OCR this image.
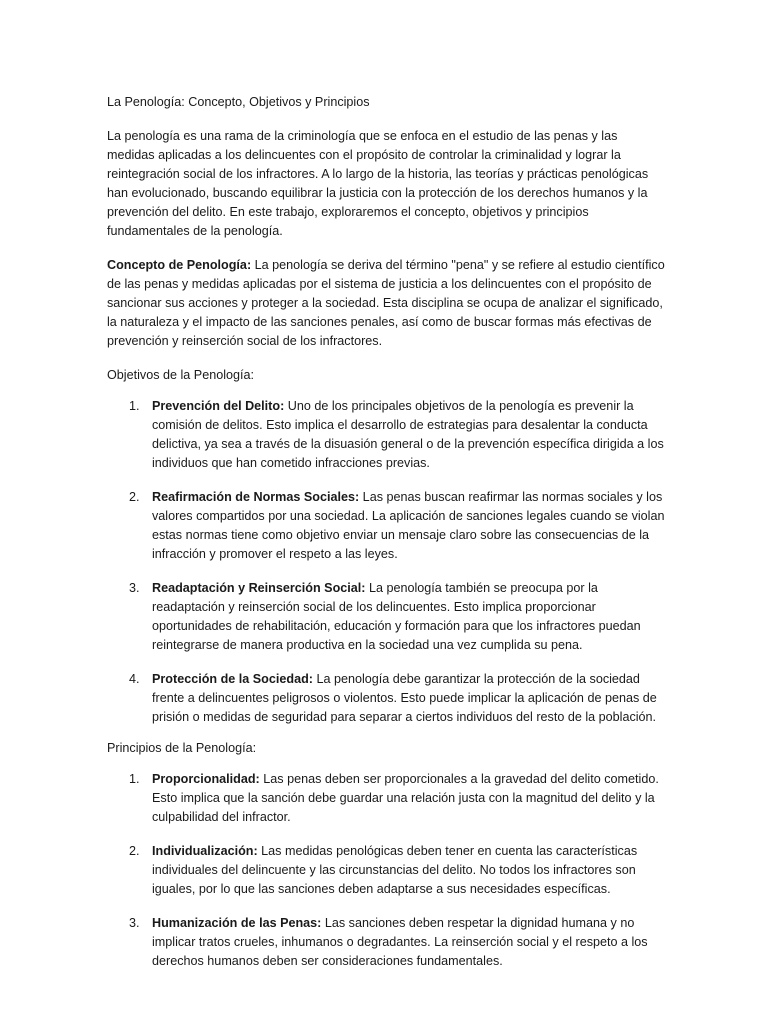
La Penología: Concepto, Objetivos y Principios

La penología es una rama de la criminología que se enfoca en el estudio de las penas y las medidas aplicadas a los delincuentes con el propósito de controlar la criminalidad y lograr la reintegración social de los infractores. A lo largo de la historia, las teorías y prácticas penológicas han evolucionado, buscando equilibrar la justicia con la protección de los derechos humanos y la prevención del delito. En este trabajo, exploraremos el concepto, objetivos y principios fundamentales de la penología.

Concepto de Penología: La penología se deriva del término "pena" y se refiere al estudio científico de las penas y medidas aplicadas por el sistema de justicia a los delincuentes con el propósito de sancionar sus acciones y proteger a la sociedad. Esta disciplina se ocupa de analizar el significado, la naturaleza y el impacto de las sanciones penales, así como de buscar formas más efectivas de prevención y reinserción social de los infractores.

Objetivos de la Penología:
1. Prevención del Delito: Uno de los principales objetivos de la penología es prevenir la comisión de delitos. Esto implica el desarrollo de estrategias para desalentar la conducta delictiva, ya sea a través de la disuasión general o de la prevención específica dirigida a los individuos que han cometido infracciones previas.
2. Reafirmación de Normas Sociales: Las penas buscan reafirmar las normas sociales y los valores compartidos por una sociedad. La aplicación de sanciones legales cuando se violan estas normas tiene como objetivo enviar un mensaje claro sobre las consecuencias de la infracción y promover el respeto a las leyes.
3. Readaptación y Reinserción Social: La penología también se preocupa por la readaptación y reinserción social de los delincuentes. Esto implica proporcionar oportunidades de rehabilitación, educación y formación para que los infractores puedan reintegrarse de manera productiva en la sociedad una vez cumplida su pena.
4. Protección de la Sociedad: La penología debe garantizar la protección de la sociedad frente a delincuentes peligrosos o violentos. Esto puede implicar la aplicación de penas de prisión o medidas de seguridad para separar a ciertos individuos del resto de la población.
Principios de la Penología:
1. Proporcionalidad: Las penas deben ser proporcionales a la gravedad del delito cometido. Esto implica que la sanción debe guardar una relación justa con la magnitud del delito y la culpabilidad del infractor.
2. Individualización: Las medidas penológicas deben tener en cuenta las características individuales del delincuente y las circunstancias del delito. No todos los infractores son iguales, por lo que las sanciones deben adaptarse a sus necesidades específicas.
3. Humanización de las Penas: Las sanciones deben respetar la dignidad humana y no implicar tratos crueles, inhumanos o degradantes. La reinserción social y el respeto a los derechos humanos deben ser consideraciones fundamentales.
